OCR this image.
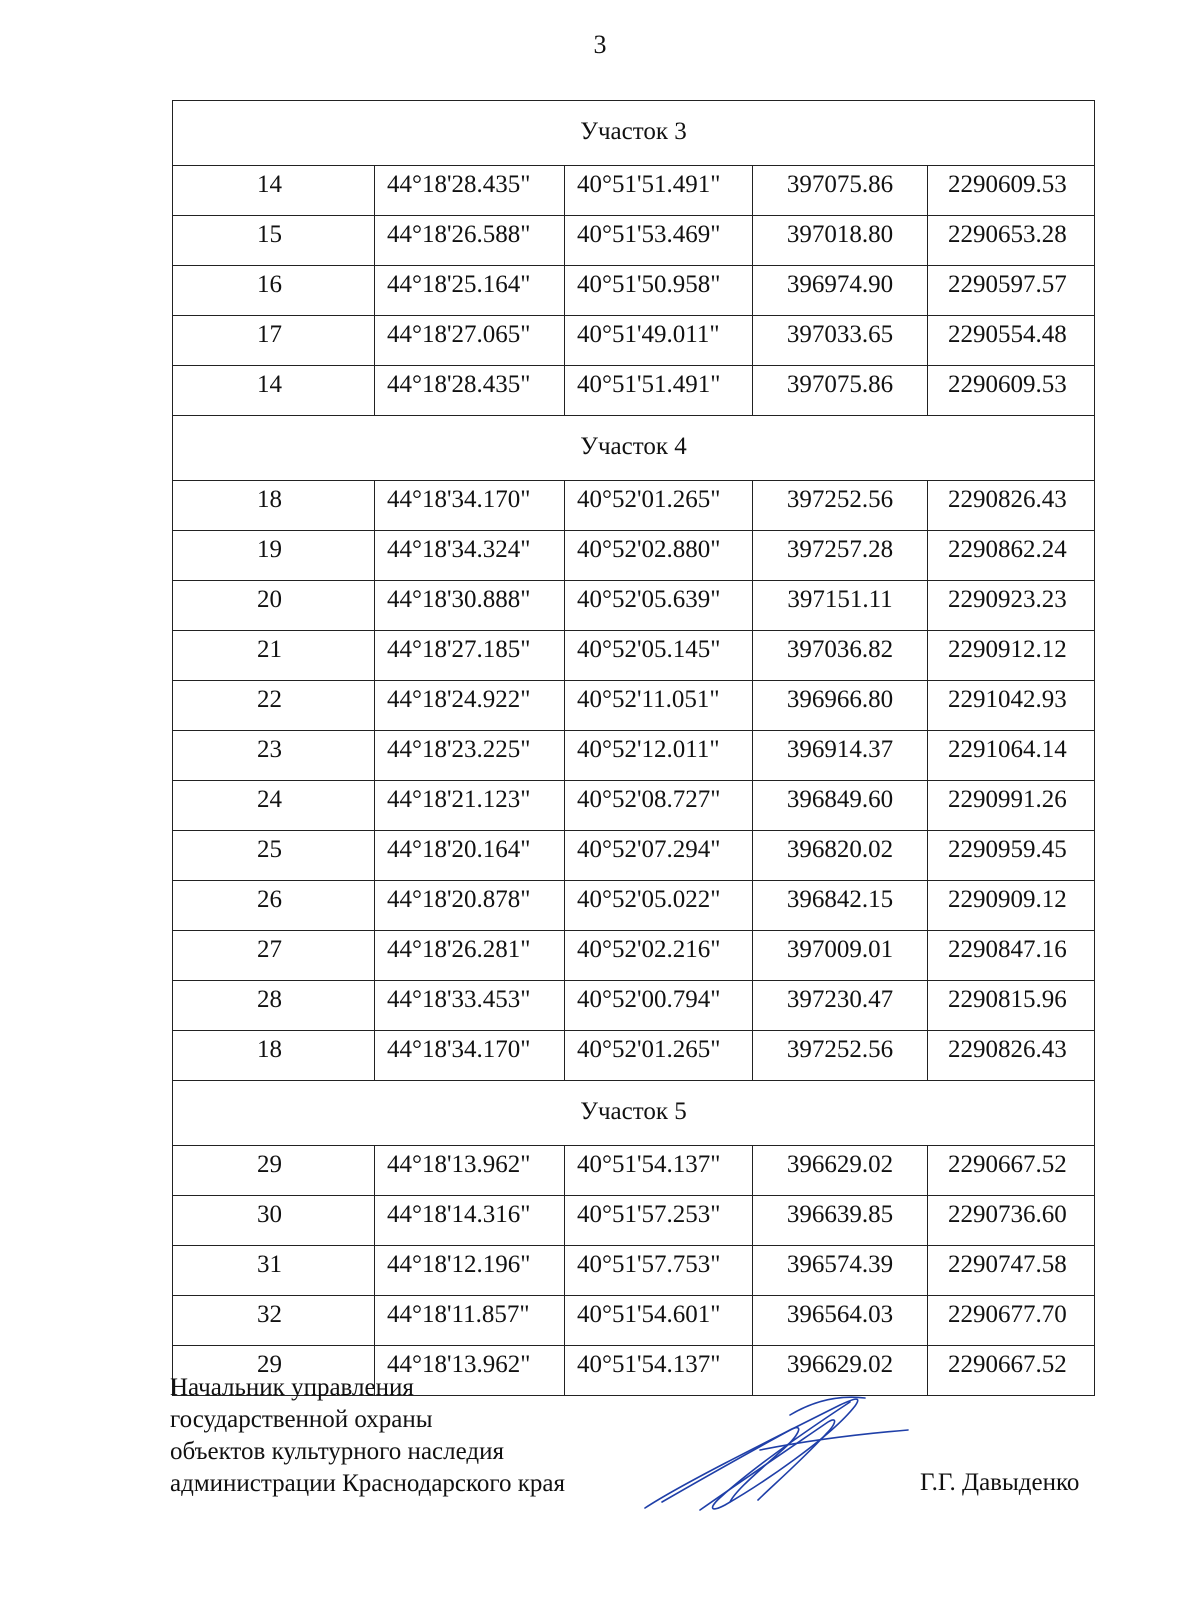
3
Участок 3				
14	44°18'28.435"	40°51'51.491"	397075.86	2290609.53
15	44°18'26.588"	40°51'53.469"	397018.80	2290653.28
16	44°18'25.164"	40°51'50.958"	396974.90	2290597.57
17	44°18'27.065"	40°51'49.011"	397033.65	2290554.48
14	44°18'28.435"	40°51'51.491"	397075.86	2290609.53
Участок 4				
18	44°18'34.170"	40°52'01.265"	397252.56	2290826.43
19	44°18'34.324"	40°52'02.880"	397257.28	2290862.24
20	44°18'30.888"	40°52'05.639"	397151.11	2290923.23
21	44°18'27.185"	40°52'05.145"	397036.82	2290912.12
22	44°18'24.922"	40°52'11.051"	396966.80	2291042.93
23	44°18'23.225"	40°52'12.011"	396914.37	2291064.14
24	44°18'21.123"	40°52'08.727"	396849.60	2290991.26
25	44°18'20.164"	40°52'07.294"	396820.02	2290959.45
26	44°18'20.878"	40°52'05.022"	396842.15	2290909.12
27	44°18'26.281"	40°52'02.216"	397009.01	2290847.16
28	44°18'33.453"	40°52'00.794"	397230.47	2290815.96
18	44°18'34.170"	40°52'01.265"	397252.56	2290826.43
Участок 5				
29	44°18'13.962"	40°51'54.137"	396629.02	2290667.52
30	44°18'14.316"	40°51'57.253"	396639.85	2290736.60
31	44°18'12.196"	40°51'57.753"	396574.39	2290747.58
32	44°18'11.857"	40°51'54.601"	396564.03	2290677.70
29	44°18'13.962"	40°51'54.137"	396629.02	2290667.52
Начальник управления
государственной охраны
объектов культурного наследия
администрации Краснодарского края	Г.Г. Давыденко
